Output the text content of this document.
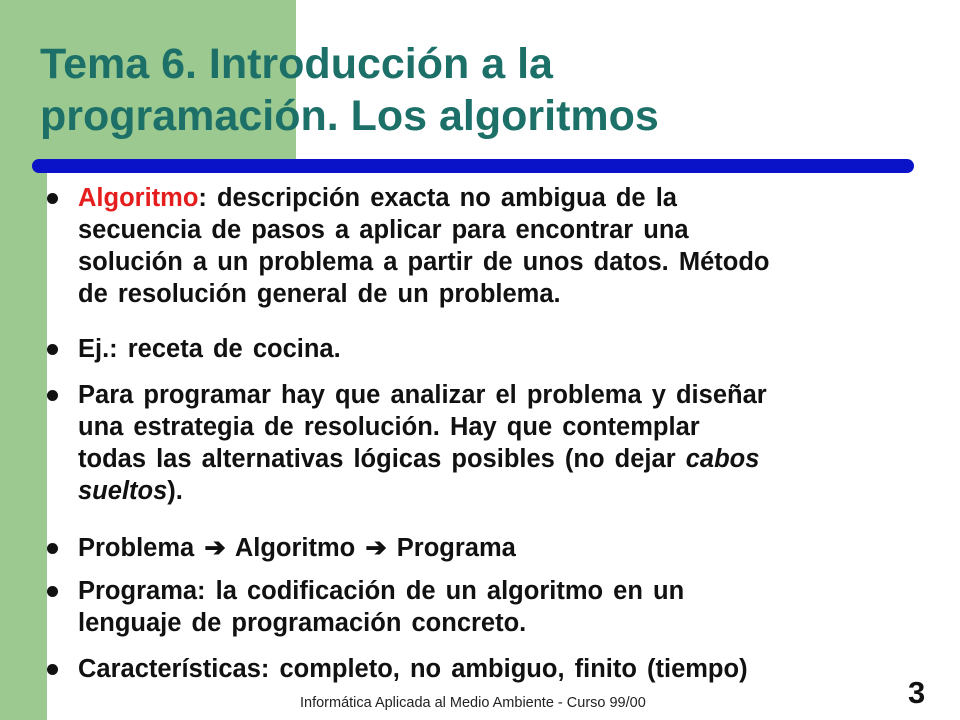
Tema 6. Introducción a la
programación. Los algoritmos
Algoritmo: descripción exacta no ambigua de la
secuencia de pasos a aplicar para encontrar una
solución a un problema a partir de unos datos. Método
de resolución general de un problema.
Ej.: receta de cocina.
Para programar hay que analizar el problema y diseñar
una estrategia de resolución. Hay que contemplar
todas las alternativas lógicas posibles (no dejar cabos
sueltos).
Problema ➔ Algoritmo ➔ Programa
Programa: la codificación de un algoritmo en un
lenguaje de programación concreto.
Características: completo, no ambiguo, finito (tiempo)
Informática Aplicada al Medio Ambiente - Curso 99/00	3
